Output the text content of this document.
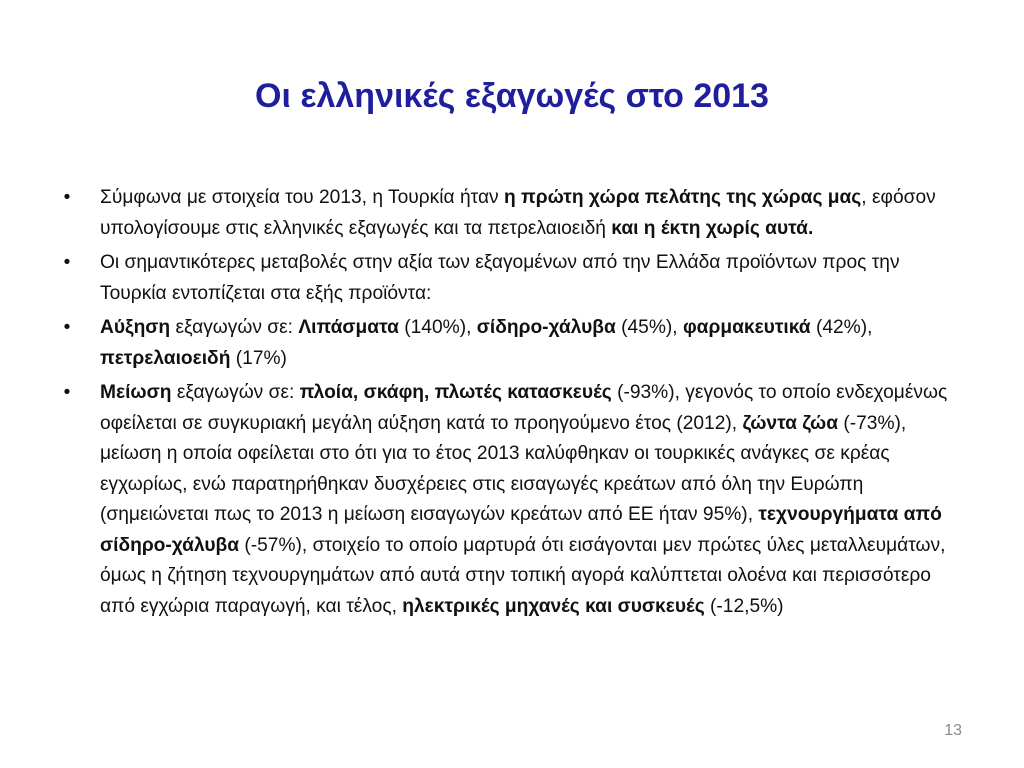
Οι ελληνικές εξαγωγές στο 2013
• Σύμφωνα με στοιχεία του 2013, η Τουρκία ήταν η πρώτη χώρα πελάτης της χώρας μας, εφόσον υπολογίσουμε στις ελληνικές εξαγωγές και τα πετρελαιοειδή και η έκτη χωρίς αυτά.
• Οι σημαντικότερες μεταβολές στην αξία των εξαγομένων από την Ελλάδα προϊόντων προς την Τουρκία εντοπίζεται στα εξής προϊόντα:
• Αύξηση εξαγωγών σε: Λιπάσματα (140%), σίδηρο-χάλυβα (45%), φαρμακευτικά (42%), πετρελαιοειδή (17%)
• Μείωση εξαγωγών σε: πλοία, σκάφη, πλωτές κατασκευές (-93%), γεγονός το οποίο ενδεχομένως οφείλεται σε συγκυριακή μεγάλη αύξηση κατά το προηγούμενο έτος (2012), ζώντα ζώα (-73%), μείωση η οποία οφείλεται στο ότι για το έτος 2013 καλύφθηκαν οι τουρκικές ανάγκες σε κρέας εγχωρίως, ενώ παρατηρήθηκαν δυσχέρειες στις εισαγωγές κρεάτων από όλη την Ευρώπη (σημειώνεται πως το 2013 η μείωση εισαγωγών κρεάτων από ΕΕ ήταν 95%), τεχνουργήματα από σίδηρο-χάλυβα (-57%), στοιχείο το οποίο μαρτυρά ότι εισάγονται μεν πρώτες ύλες μεταλλευμάτων, όμως η ζήτηση τεχνουργημάτων από αυτά στην τοπική αγορά καλύπτεται ολοένα και περισσότερο από εγχώρια παραγωγή, και τέλος, ηλεκτρικές μηχανές και συσκευές (-12,5%)
13
